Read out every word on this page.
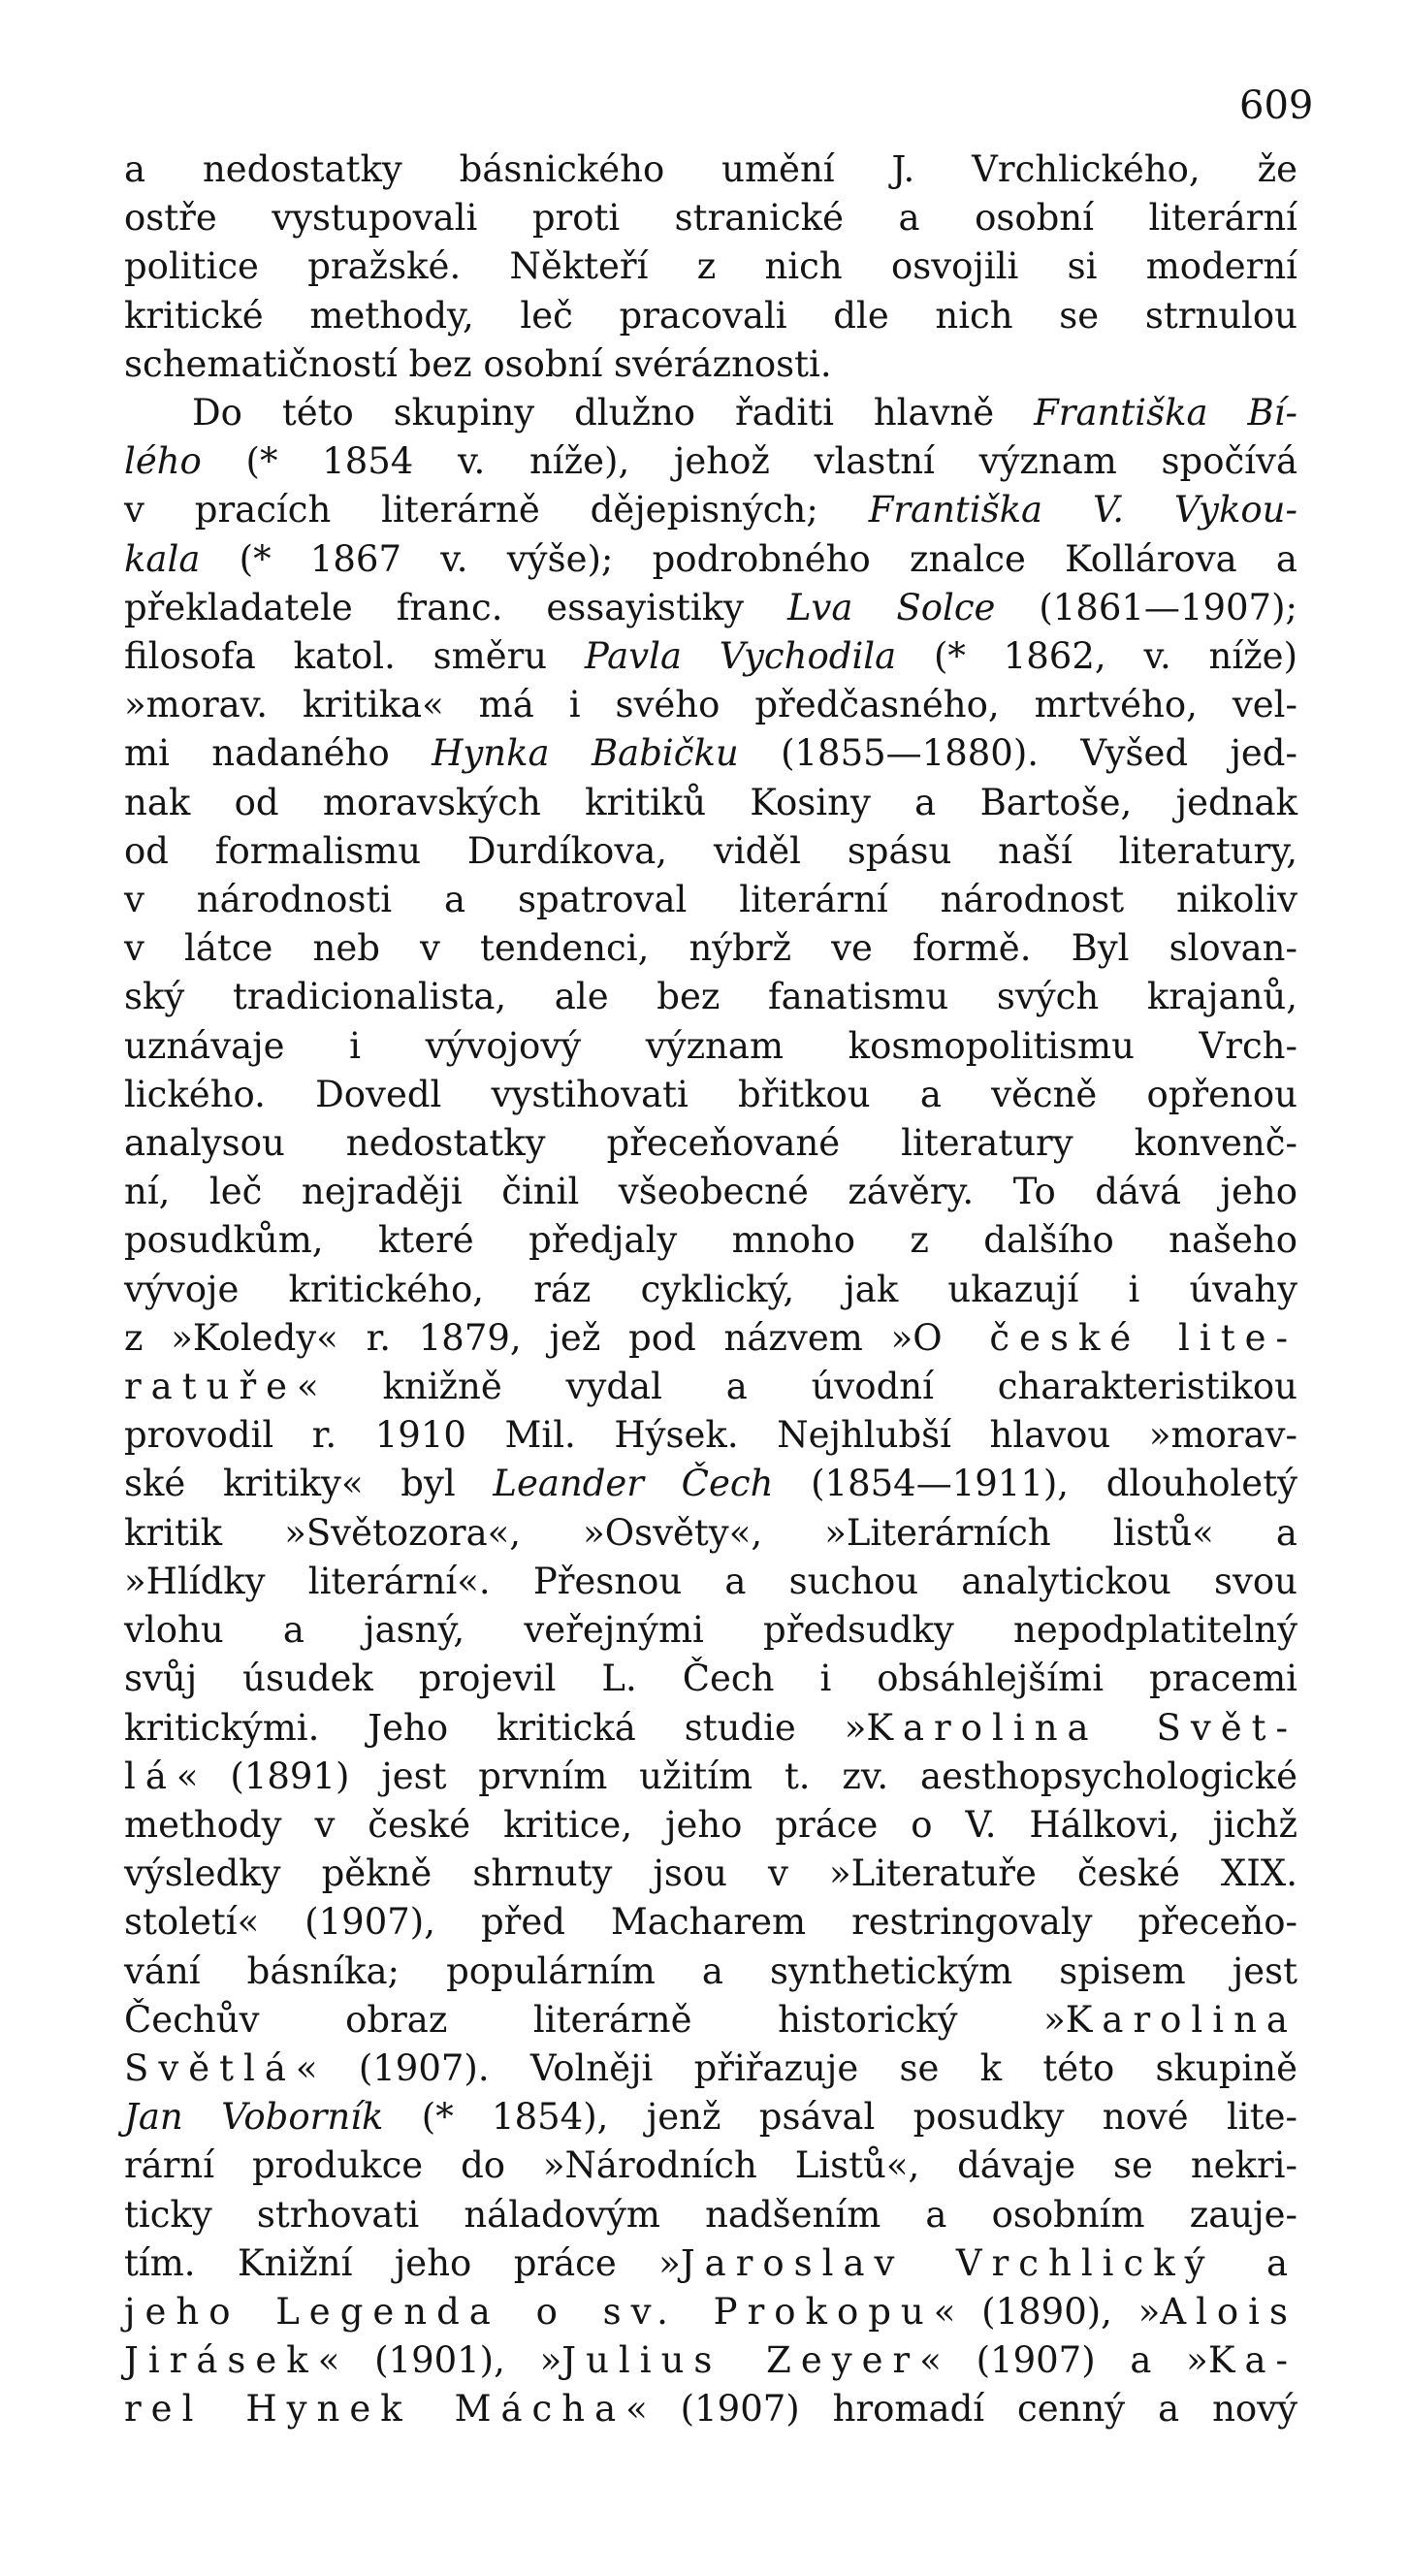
609
a nedostatky básnického umění J. Vrchlického, že
ostře vystupovali proti stranické a osobní literární
politice pražské. Někteří z nich osvojili si moderní
kritické methody, leč pracovali dle nich se strnulou
schematičností bez osobní svéráznosti.
Do této skupiny dlužno řaditi hlavně Františka Bí-
lého (* 1854 v. níže), jehož vlastní význam spočívá
v pracích literárně dějepisných; Františka V. Vykou-
kala (* 1867 v. výše); podrobného znalce Kollárova a
překladatele franc. essayistiky Lva Solce (1861—1907);
filosofa katol. směru Pavla Vychodila (* 1862, v. níže)
»morav. kritika« má i svého předčasného, mrtvého, vel-
mi nadaného Hynka Babičku (1855—1880). Vyšed jed-
nak od moravských kritiků Kosiny a Bartoše, jednak
od formalismu Durdíkova, viděl spásu naší literatury,
v národnosti a spatroval literární národnost nikoliv
v látce neb v tendenci, nýbrž ve formě. Byl slovan-
ský tradicionalista, ale bez fanatismu svých krajanů,
uznávaje i vývojový význam kosmopolitismu Vrch-
lického. Dovedl vystihovati břitkou a věcně opřenou
analysou nedostatky přeceňované literatury konvenč-
ní, leč nejraději činil všeobecné závěry. To dává jeho
posudkům, které předjaly mnoho z dalšího našeho
vývoje kritického, ráz cyklický, jak ukazují i úvahy
z »Koledy« r. 1879, jež pod názvem »O české lite-
ratuře« knižně vydal a úvodní charakteristikou
provodil r. 1910 Mil. Hýsek. Nejhlubší hlavou »morav-
ské kritiky« byl Leander Čech (1854—1911), dlouholetý
kritik »Světozora«, »Osvěty«, »Literárních listů« a
»Hlídky literární«. Přesnou a suchou analytickou svou
vlohu a jasný, veřejnými předsudky nepodplatitelný
svůj úsudek projevil L. Čech i obsáhlejšími pracemi
kritickými. Jeho kritická studie »Karolina Svět-
lá« (1891) jest prvním užitím t. zv. aesthopsychologické
methody v české kritice, jeho práce o V. Hálkovi, jichž
výsledky pěkně shrnuty jsou v »Literatuře české XIX.
století« (1907), před Macharem restringovaly přeceňo-
vání básníka; populárním a synthetickým spisem jest
Čechův obraz literárně historický »Karolina
Světlá« (1907). Volněji přiřazuje se k této skupině
Jan Voborník (* 1854), jenž psával posudky nové lite-
rární produkce do »Národních Listů«, dávaje se nekri-
ticky strhovati náladovým nadšením a osobním zauje-
tím. Knižní jeho práce »Jaroslav Vrchlický a
jeho Legenda o sv. Prokopu« (1890), »Alois
Jirásek« (1901), »Julius Zeyer« (1907) a »Ka-
rel Hynek Mácha« (1907) hromadí cenný a nový
